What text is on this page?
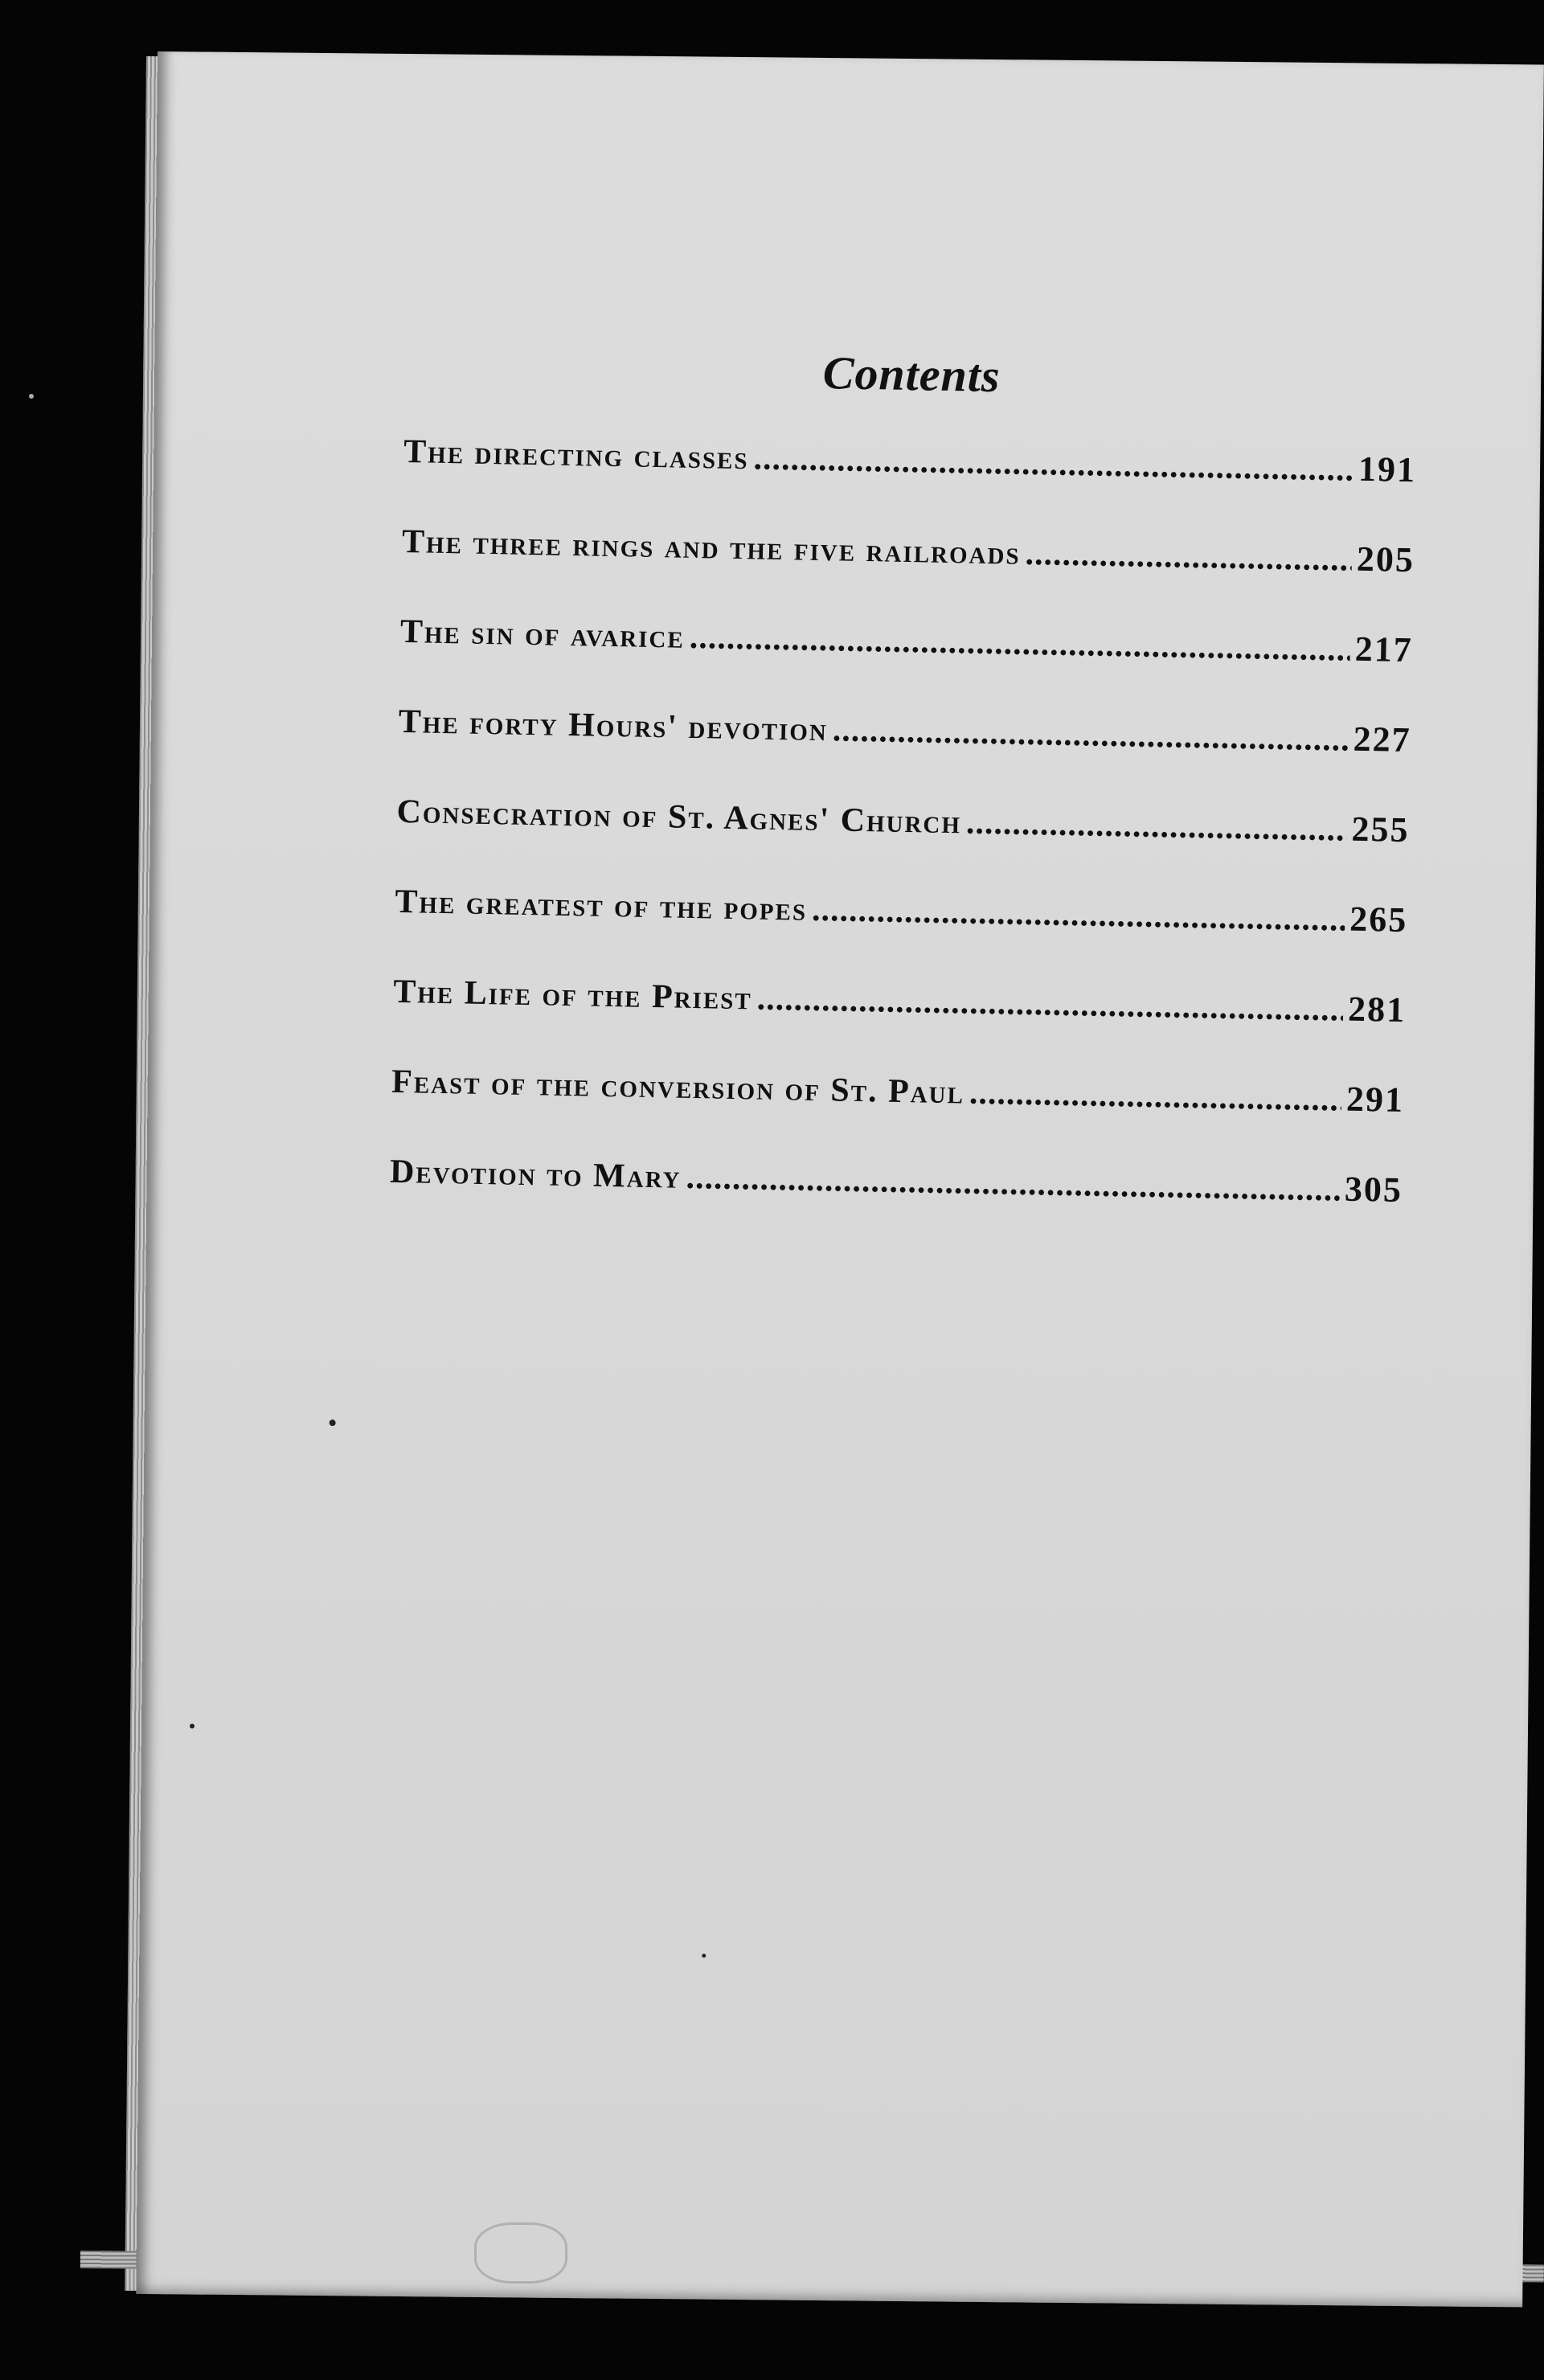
Contents
The directing classes .....	191
The three rings and the five railroads .....	205
The sin of avarice .....	217
The forty Hours' devotion .....	227
Consecration of St. Agnes' Church .....	255
The greatest of the popes .....	265
The Life of the Priest .....	281
Feast of the conversion of St. Paul .....	291
Devotion to Mary .....	305
